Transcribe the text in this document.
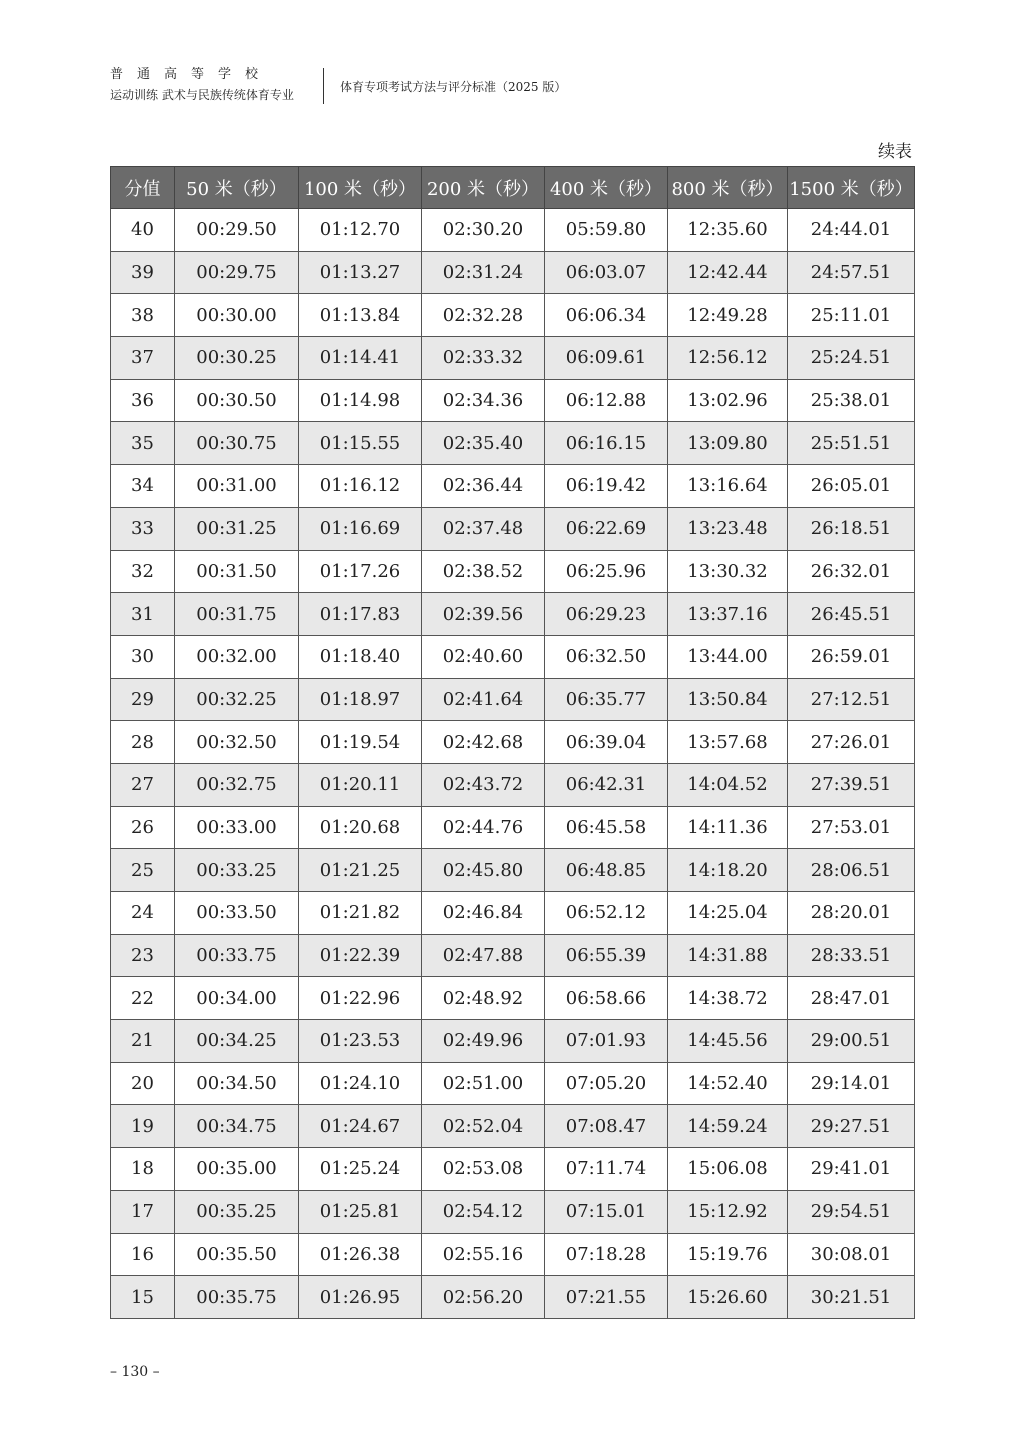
普通高等学校
运动训练 武术与民族传统体育专业
体育专项考试方法与评分标准（2025 版）
续表
分值	50 米（秒）	100 米（秒）	200 米（秒）	400 米（秒）	800 米（秒）	1500 米（秒）
40	00:29.50	01:12.70	02:30.20	05:59.80	12:35.60	24:44.01
39	00:29.75	01:13.27	02:31.24	06:03.07	12:42.44	24:57.51
38	00:30.00	01:13.84	02:32.28	06:06.34	12:49.28	25:11.01
37	00:30.25	01:14.41	02:33.32	06:09.61	12:56.12	25:24.51
36	00:30.50	01:14.98	02:34.36	06:12.88	13:02.96	25:38.01
35	00:30.75	01:15.55	02:35.40	06:16.15	13:09.80	25:51.51
34	00:31.00	01:16.12	02:36.44	06:19.42	13:16.64	26:05.01
33	00:31.25	01:16.69	02:37.48	06:22.69	13:23.48	26:18.51
32	00:31.50	01:17.26	02:38.52	06:25.96	13:30.32	26:32.01
31	00:31.75	01:17.83	02:39.56	06:29.23	13:37.16	26:45.51
30	00:32.00	01:18.40	02:40.60	06:32.50	13:44.00	26:59.01
29	00:32.25	01:18.97	02:41.64	06:35.77	13:50.84	27:12.51
28	00:32.50	01:19.54	02:42.68	06:39.04	13:57.68	27:26.01
27	00:32.75	01:20.11	02:43.72	06:42.31	14:04.52	27:39.51
26	00:33.00	01:20.68	02:44.76	06:45.58	14:11.36	27:53.01
25	00:33.25	01:21.25	02:45.80	06:48.85	14:18.20	28:06.51
24	00:33.50	01:21.82	02:46.84	06:52.12	14:25.04	28:20.01
23	00:33.75	01:22.39	02:47.88	06:55.39	14:31.88	28:33.51
22	00:34.00	01:22.96	02:48.92	06:58.66	14:38.72	28:47.01
21	00:34.25	01:23.53	02:49.96	07:01.93	14:45.56	29:00.51
20	00:34.50	01:24.10	02:51.00	07:05.20	14:52.40	29:14.01
19	00:34.75	01:24.67	02:52.04	07:08.47	14:59.24	29:27.51
18	00:35.00	01:25.24	02:53.08	07:11.74	15:06.08	29:41.01
17	00:35.25	01:25.81	02:54.12	07:15.01	15:12.92	29:54.51
16	00:35.50	01:26.38	02:55.16	07:18.28	15:19.76	30:08.01
15	00:35.75	01:26.95	02:56.20	07:21.55	15:26.60	30:21.51
– 130 –
